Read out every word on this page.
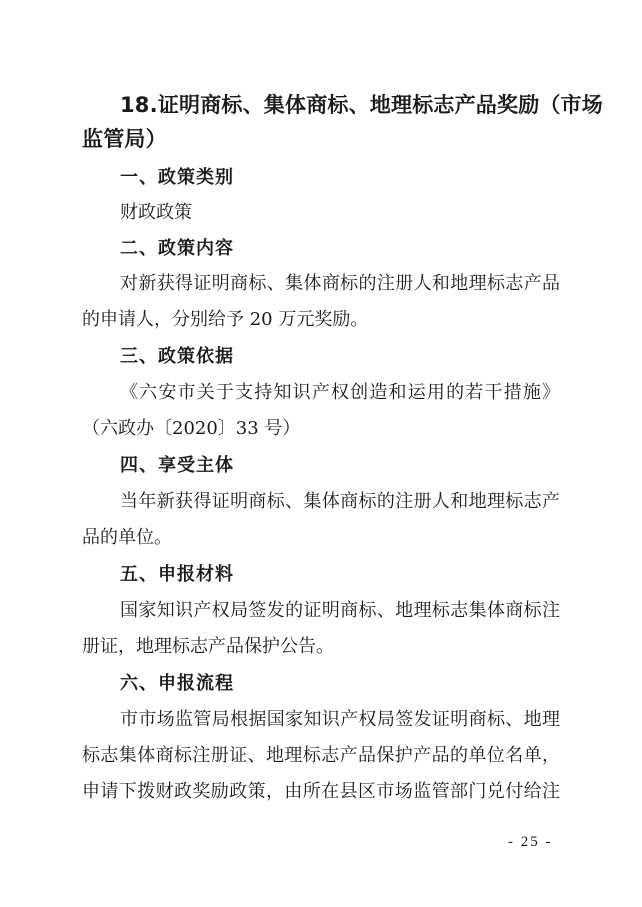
18.证明商标、集体商标、地理标志产品奖励（市场
监管局）
一、政策类别
财政政策
二、政策内容
对新获得证明商标、集体商标的注册人和地理标志产品
的申请人，分别给予 20 万元奖励。
三、政策依据
《六安市关于支持知识产权创造和运用的若干措施》
（六政办〔2020〕33 号）
四、享受主体
当年新获得证明商标、集体商标的注册人和地理标志产
品的单位。
五、申报材料
国家知识产权局签发的证明商标、地理标志集体商标注
册证，地理标志产品保护公告。
六、申报流程
市市场监管局根据国家知识产权局签发证明商标、地理
标志集体商标注册证、地理标志产品保护产品的单位名单，
申请下拨财政奖励政策，由所在县区市场监管部门兑付给注
- 25 -
